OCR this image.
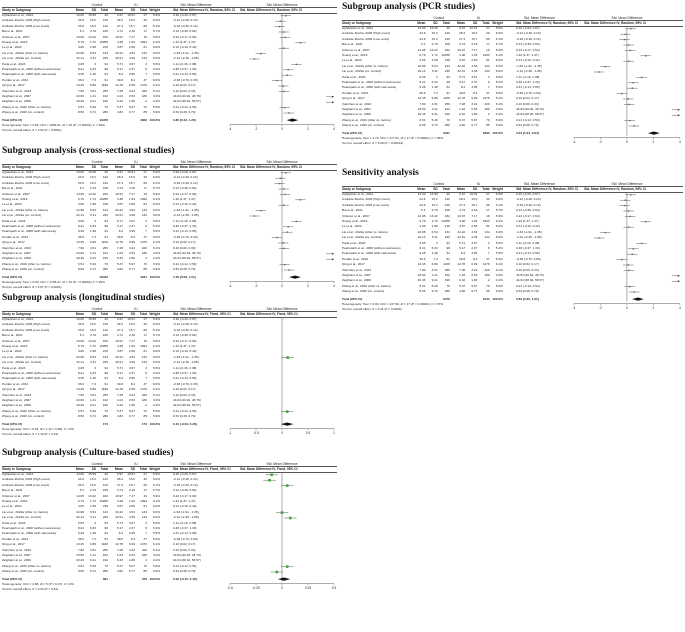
Control	IU	Std. Mean Difference	Std. Mean Difference
Study or Subgroup	Mean	SD	Total	Mean	SD	Total Weight	Std. Mean Difference IV, Random, 95% CI Std. Mean Difference IV, Random, 95% CI
Aghapirian et al., 2024	13.00	15.59	20	0.97	10.51	27	5.9%	0.29 [-0.29, 0.87]
Andrade-Rocha, 2003 (High count)	24.6	15.2	120	28.4	15.0	40	6.0%	-0.12 [-0.48, 0.23]
Andrade-Rocha, 2003 (Low count)	24.6	15.2	120	27.4	15.7	66	6.1%	-0.18 [-0.49, 0.12]
Bai et al., 2021	5.1	2.79	108	4.74	2.18	17	5.7%	0.13 [-0.38, 0.64]
Ozkocer et al., 2007	14.05	13.22	182	10.97	7.17	16	5.9%	0.24 [-0.17, 0.64]
Huang et al., 2019	6.79	1.72	10258	4.38	1.93	1993	6.1%	1.42 [1.37, 1.47]
Le et al., 2022	4.06	1.58	218	3.87	2.50	81	6.0%	0.13 [-0.16, 0.42]
Liu et al., 2022a (After vs. before)	22.98	6.54	134	32.22	4.54	134	6.0%	-1.63 [-1.91, -1.35]
Liu et al., 2022a (vs. control)	22.14	5.11	236	32.51	4.36	134	6.0%	-2.12 [-2.38, -1.86]
Paria et al., 2023	9.05	3	93	5.71	3.67	4	5.6%	1.11 [-0.16, 2.38]
Pearwpath et al., 2008 (without varicocele)	8.21	6.33	98	5.17	2.37	6	5.2%	0.48 [-0.37, 1.33]
Pearwpath et al., 2008 (with varicocele)	9.28	1.48	64	8.4	3.95	7	5.5%	0.41 [-0.13, 0.95]
Perdan et al., 2013	36.6	7.3	91	39.8	8.4	37	6.0%	-0.38 [-0.76, 0.00]
Qing et al., 2017	13.45	6.89	1168	12.78	6.99	1476	6.1%	0.10 [0.02, 0.17]
Xianzhen et al., 2023	7.90	4.51	256	7.28	3.22	320	6.1%	0.16 [0.00, 0.33]
Zeighami et al., 2007	23.69	1.21	102	1.03	0.53	180	3.0%	44.84 [40.92, 48.76]
Zeighami et al., 2009	40.46	9.41	190	6.32	1.80	2	0.4%	44.04 [38.92, 58.57]
Zhang et al., 2020 (After vs. before)	6.51	5.29	70	5.37	5.67	70	5.9%	0.21 [-0.12, 0.54]
Zhang et al., 2020 (vs. control)	8.56	9.72	280	4.82	6.77	85	5.9%	0.54 [0.28, 0.79]
Total (95% CI)	19476	4363 100.0%	0.80 [0.42, 1.20]
Heterogeneity: Tau² = 0.82; Chi² = 1956.61, df = 18 (P < 0.00001); I² = 99%
Test for overall effect: Z = 3.94 (P < 0.0001)	-4	-2	0	2	4
Subgroup analysis (cross-sectional studies)
Control	IU	Std. Mean Difference	Std. Mean Difference
Study or Subgroup	Mean	SD	Total	Mean	SD	Total Weight	Std. Mean Difference IV, Random, 95% CI Std. Mean Difference IV, Random, 95% CI
Aghapirian et al., 2024	13.00	15.59	20	0.97	10.51	27	5.9%	0.29 [-0.29, 0.87]
Andrade-Rocha, 2003 (High count)	24.6	15.2	120	28.4	15.0	40	6.0%	-0.12 [-0.48, 0.23]
Andrade-Rocha, 2003 (Low count)	24.6	15.2	120	27.4	15.7	66	6.1%	-0.18 [-0.49, 0.12]
Bai et al., 2021	5.1	2.79	108	4.74	2.18	17	5.7%	0.13 [-0.38, 0.64]
Ozkocer et al., 2007	14.05	13.22	182	10.97	7.17	16	5.9%	0.24 [-0.17, 0.64]
Huang et al., 2019	6.79	1.72	10258	4.38	1.93	1993	6.1%	1.42 [1.37, 1.47]
Le et al., 2022	4.06	1.58	218	3.87	2.50	81	6.0%	0.13 [-0.16, 0.42]
Liu et al., 2022a (After vs. before)	22.98	6.54	134	32.22	4.54	134	6.0%	-1.63 [-1.91, -1.35]
Liu et al., 2022a (vs. control)	22.14	5.11	236	32.51	4.36	134	6.0%	-2.12 [-2.38, -1.86]
Paria et al., 2023	9.05	3	93	5.71	3.67	4	5.6%	1.11 [-0.16, 2.38]
Pearwpath et al., 2008 (without varicocele)	8.21	6.33	98	5.17	2.37	6	5.2%	0.48 [-0.37, 1.33]
Pearwpath et al., 2008 (with varicocele)	9.28	1.48	64	8.4	3.95	7	5.5%	0.41 [-0.13, 0.95]
Perdan et al., 2013	36.6	7.3	91	39.8	8.4	37	6.0%	-0.38 [-0.76, 0.00]
Qing et al., 2017	13.45	6.89	1168	12.78	6.99	1476	6.1%	0.10 [0.02, 0.17]
Xianzhen et al., 2023	7.90	4.51	256	7.28	3.22	320	6.1%	0.16 [0.00, 0.33]
Zeighami et al., 2007	23.69	1.21	102	1.03	0.53	180	3.0%	44.84 [40.92, 48.76]
Zeighami et al., 2009	40.46	9.41	190	6.32	1.80	2	0.4%	44.04 [38.92, 58.57]
Zhang et al., 2020 (After vs. before)	6.51	5.29	70	5.37	5.67	70	5.9%	0.21 [-0.12, 0.54]
Zhang et al., 2020 (vs. control)	8.56	9.72	280	4.82	6.77	85	5.9%	0.54 [0.28, 0.79]
Total (95% CI)	19442	4221 100.0%	1.00 [0.09, 1.51]
Heterogeneity: Tau² = 0.93; Chi² = 1765.27, df = 16 (P < 0.00001); I² = 99%
Test for overall effect: Z = 3.87 (P = 0.0001)	-4	-2	0	2	4
Subgroup analysis (longitudinal studies)
Control	IU	Std. Mean Difference	Std. Mean Difference
Study or Subgroup	Mean	SD	Total	Mean	SD	Total Weight	Std. Mean Difference IV, Fixed, 95% CI	Std. Mean Difference IV, Fixed, 95% CI
Aghapirian et al., 2024	13.00	15.59	20	0.97	10.51	27	5.9%	0.29 [-0.29, 0.87]
Andrade-Rocha, 2003 (High count)	24.6	15.2	120	28.4	15.0	40	6.0%	-0.12 [-0.48, 0.23]
Andrade-Rocha, 2003 (Low count)	24.6	15.2	120	27.4	15.7	66	6.1%	-0.18 [-0.49, 0.12]
Bai et al., 2021	5.1	2.79	108	4.74	2.18	17	5.7%	0.13 [-0.38, 0.64]
Ozkocer et al., 2007	14.05	13.22	182	10.97	7.17	16	5.9%	0.24 [-0.17, 0.64]
Huang et al., 2019	6.79	1.72	10258	4.38	1.93	1993	6.1%	1.42 [1.37, 1.47]
Le et al., 2022	4.06	1.58	218	3.87	2.50	81	6.0%	0.13 [-0.16, 0.42]
Liu et al., 2022a (After vs. before)	22.98	6.54	134	32.22	4.54	134	6.0%	-1.63 [-1.91, -1.35]
Liu et al., 2022a (vs. control)	22.14	5.11	236	32.51	4.36	134	6.0%	-2.12 [-2.38, -1.86]
Paria et al., 2023	9.05	3	93	5.71	3.67	4	5.6%	1.11 [-0.16, 2.38]
Pearwpath et al., 2008 (without varicocele)	8.21	6.33	98	5.17	2.37	6	5.2%	0.48 [-0.37, 1.33]
Pearwpath et al., 2008 (with varicocele)	9.28	1.48	64	8.4	3.95	7	5.5%	0.41 [-0.13, 0.95]
Perdan et al., 2013	36.6	7.3	91	39.8	8.4	37	6.0%	-0.38 [-0.76, 0.00]
Qing et al., 2017	13.45	6.89	1168	12.78	6.99	1476	6.1%	0.10 [0.02, 0.17]
Xianzhen et al., 2023	7.90	4.51	256	7.28	3.22	320	6.1%	0.16 [0.00, 0.33]
Zeighami et al., 2007	23.69	1.21	102	1.03	0.53	180	3.0%	44.84 [40.92, 48.76]
Zeighami et al., 2009	40.46	9.41	190	6.32	1.80	2	0.4%	44.04 [38.92, 58.57]
Zhang et al., 2020 (After vs. before)	6.51	5.29	70	5.37	5.67	70	5.9%	0.21 [-0.12, 0.54]
Zhang et al., 2020 (vs. control)	8.56	9.72	280	4.82	6.77	85	5.9%	0.54 [0.28, 0.79]
Total (95% CI)	174	174 100.0%	0.10 [-0.03, 0.28]
Heterogeneity: Chi² = 0.03, df = 1 (P = 0.86); I² = 0%
Test for overall effect: Z = 1.19 (P = 0.23)	-1	-0.5	0	0.5	1
Subgroup analysis (Culture-based studies)
Control	IU	Std. Mean Difference	Std. Mean Difference
Study or Subgroup	Mean	SD	Total	Mean	SD	Total Weight	Std. Mean Difference IV, Fixed, 95% CI	Std. Mean Difference IV, Fixed, 95% CI
Aghapirian et al., 2024	13.00	15.59	20	0.97	10.51	27	5.9%	0.29 [-0.29, 0.87]
Andrade-Rocha, 2003 (High count)	24.6	15.2	120	28.4	15.0	40	6.0%	-0.12 [-0.48, 0.23]
Andrade-Rocha, 2003 (Low count)	24.6	15.2	120	27.4	15.7	66	6.1%	-0.18 [-0.49, 0.12]
Bai et al., 2021	5.1	2.79	108	4.74	2.18	17	5.7%	0.13 [-0.38, 0.64]
Ozkocer et al., 2007	14.05	13.22	182	10.97	7.17	16	5.9%	0.24 [-0.17, 0.64]
Huang et al., 2019	6.79	1.72	10258	4.38	1.93	1993	6.1%	1.42 [1.37, 1.47]
Le et al., 2022	4.06	1.58	218	3.87	2.50	81	6.0%	0.13 [-0.16, 0.42]
Liu et al., 2022a (After vs. before)	22.98	6.54	134	32.22	4.54	134	6.0%	-1.63 [-1.91, -1.35]
Liu et al., 2022a (vs. control)	22.14	5.11	236	32.51	4.36	134	6.0%	-2.12 [-2.38, -1.86]
Paria et al., 2023	9.05	3	93	5.71	3.67	4	5.6%	1.11 [-0.16, 2.38]
Pearwpath et al., 2008 (without varicocele)	8.21	6.33	98	5.17	2.37	6	5.2%	0.48 [-0.37, 1.33]
Pearwpath et al., 2008 (with varicocele)	9.28	1.48	64	8.4	3.95	7	5.5%	0.41 [-0.13, 0.95]
Perdan et al., 2013	36.6	7.3	91	39.8	8.4	37	6.0%	-0.38 [-0.76, 0.00]
Qing et al., 2017	13.45	6.89	1168	12.78	6.99	1476	6.1%	0.10 [0.02, 0.17]
Xianzhen et al., 2023	7.90	4.51	256	7.28	3.22	320	6.1%	0.16 [0.00, 0.33]
Zeighami et al., 2007	23.69	1.21	102	1.03	0.53	180	3.0%	44.84 [40.92, 48.76]
Zeighami et al., 2009	40.46	9.41	190	6.32	1.80	2	0.4%	44.04 [38.92, 58.57]
Zhang et al., 2020 (After vs. before)	6.51	5.29	70	5.37	5.67	70	5.9%	0.21 [-0.12, 0.54]
Zhang et al., 2020 (vs. control)	8.56	9.72	280	4.82	6.77	85	5.9%	0.54 [0.28, 0.79]
Total (95% CI)	691	370 100.0%	0.02 [-0.15, 0.18]
Heterogeneity: Chi² = 4.98, df = 5 (P = 0.47); I² = 0%
Test for overall effect: Z = 0.24 (P = 0.81)	-0.5	-0.25	0	0.25	0.5
Subgroup analysis (PCR studies)
Control	IU	Std. Mean Difference	Std. Mean Difference
Study or Subgroup	Mean	SD	Total	Mean	SD	Total Weight	Std. Mean Difference IV, Random, 95% CI Std. Mean Difference IV, Random, 95% CI
Aghapirian et al., 2024	13.00	15.59	20	0.97	10.51	27	5.9%	0.29 [-0.29, 0.87]
Andrade-Rocha, 2003 (High count)	24.6	15.2	120	28.4	15.0	40	6.0%	-0.12 [-0.48, 0.23]
Andrade-Rocha, 2003 (Low count)	24.6	15.2	120	27.4	15.7	66	6.1%	-0.18 [-0.49, 0.12]
Bai et al., 2021	5.1	2.79	108	4.74	2.18	17	5.7%	0.13 [-0.38, 0.64]
Ozkocer et al., 2007	14.05	13.22	182	10.97	7.17	16	5.9%	0.24 [-0.17, 0.64]
Huang et al., 2019	6.79	1.72	10258	4.38	1.93	1993	6.1%	1.42 [1.37, 1.47]
Le et al., 2022	4.06	1.58	218	3.87	2.50	81	6.0%	0.13 [-0.16, 0.42]
Liu et al., 2022a (After vs. before)	22.98	6.54	134	32.22	4.54	134	6.0%	-1.63 [-1.91, -1.35]
Liu et al., 2022a (vs. control)	22.14	5.11	236	32.51	4.36	134	6.0%	-2.12 [-2.38, -1.86]
Paria et al., 2023	9.05	3	93	5.71	3.67	4	5.6%	1.11 [-0.16, 2.38]
Pearwpath et al., 2008 (without varicocele)	8.21	6.33	98	5.17	2.37	6	5.2%	0.48 [-0.37, 1.33]
Pearwpath et al., 2008 (with varicocele)	9.28	1.48	64	8.4	3.95	7	5.5%	0.41 [-0.13, 0.95]
Perdan et al., 2013	36.6	7.3	91	39.8	8.4	37	6.0%	-0.38 [-0.76, 0.00]
Qing et al., 2017	13.45	6.89	1168	12.78	6.99	1476	6.1%	0.10 [0.02, 0.17]
Xianzhen et al., 2023	7.90	4.51	256	7.28	3.22	320	6.1%	0.16 [0.00, 0.33]
Zeighami et al., 2007	23.69	1.21	102	1.03	0.53	180	3.0%	44.84 [40.92, 48.76]
Zeighami et al., 2009	40.46	9.41	190	6.32	1.80	2	0.4%	44.04 [38.92, 58.57]
Zhang et al., 2020 (After vs. before)	6.51	5.29	70	5.37	5.67	70	5.9%	0.21 [-0.12, 0.54]
Zhang et al., 2020 (vs. control)	8.56	9.72	280	4.82	6.77	85	5.9%	0.54 [0.28, 0.79]
Total (95% CI)	3341	1880 100.0%	2.04 [1.24, 2.84]
Heterogeneity: Tau² = 1.72; Chi² = 477.51, df = 17 (P < 0.00001); I² = 96%
Test for overall effect: Z = 5.00 (P < 0.00001)	-4	-2	0	2	4
Sensitivity analysis
Control	IU	Std. Mean Difference	Std. Mean Difference
Study or Subgroup	Mean	SD	Total	Mean	SD	Total Weight	Std. Mean Difference IV, Random, 95% CI Std. Mean Difference IV, Random, 95% CI
Aghapirian et al., 2024	13.00	15.59	20	0.97	10.51	27	5.9%	0.29 [-0.29, 0.87]
Andrade-Rocha, 2003 (High count)	24.6	15.2	120	28.4	15.0	40	6.0%	-0.12 [-0.48, 0.23]
Andrade-Rocha, 2003 (Low count)	24.6	15.2	120	27.4	15.7	66	6.1%	-0.18 [-0.49, 0.12]
Bai et al., 2021	5.1	2.79	108	4.74	2.18	17	5.7%	0.13 [-0.38, 0.64]
Ozkocer et al., 2007	14.05	13.22	182	10.97	7.17	16	5.9%	0.24 [-0.17, 0.64]
Huang et al., 2019	6.79	1.72	10258	4.38	1.93	1993	6.1%	1.42 [1.37, 1.47]
Le et al., 2022	4.06	1.58	218	3.87	2.50	81	6.0%	0.13 [-0.16, 0.42]
Liu et al., 2022a (After vs. before)	22.98	6.54	134	32.22	4.54	134	6.0%	-1.63 [-1.91, -1.35]
Liu et al., 2022a (vs. control)	22.14	5.11	236	32.51	4.36	134	6.0%	-2.12 [-2.38, -1.86]
Paria et al., 2023	9.05	3	93	5.71	3.67	4	5.6%	1.11 [-0.16, 2.38]
Pearwpath et al., 2008 (without varicocele)	8.21	6.33	98	5.17	2.37	6	5.2%	0.48 [-0.37, 1.33]
Pearwpath et al., 2008 (with varicocele)	9.28	1.48	64	8.4	3.95	7	5.5%	0.41 [-0.13, 0.95]
Perdan et al., 2013	36.6	7.3	91	39.8	8.4	37	6.0%	-0.38 [-0.76, 0.00]
Qing et al., 2017	13.45	6.89	1168	12.78	6.99	1476	6.1%	0.10 [0.02, 0.17]
Xianzhen et al., 2023	7.90	4.51	256	7.28	3.22	320	6.1%	0.16 [0.00, 0.33]
Zeighami et al., 2007	23.69	1.21	102	1.03	0.53	180	3.0%	44.84 [40.92, 48.76]
Zeighami et al., 2009	40.46	9.41	190	6.32	1.80	2	0.4%	44.04 [38.92, 58.57]
Zhang et al., 2020 (After vs. before)	6.51	5.29	70	5.37	5.67	70	5.9%	0.21 [-0.12, 0.54]
Zhang et al., 2020 (vs. control)	8.56	9.72	280	4.82	6.77	85	5.9%	0.54 [0.28, 0.79]
Total (95% CI)	3476	2444 100.0%	0.83 [0.26, 1.61]
Heterogeneity: Tau² = 0.94; Chi² = 437.96, df = 17 (P < 0.00001); I² = 97%
Test for overall effect: Z = 3.31 (P = 0.0009)	-4	-2	0	2	4
